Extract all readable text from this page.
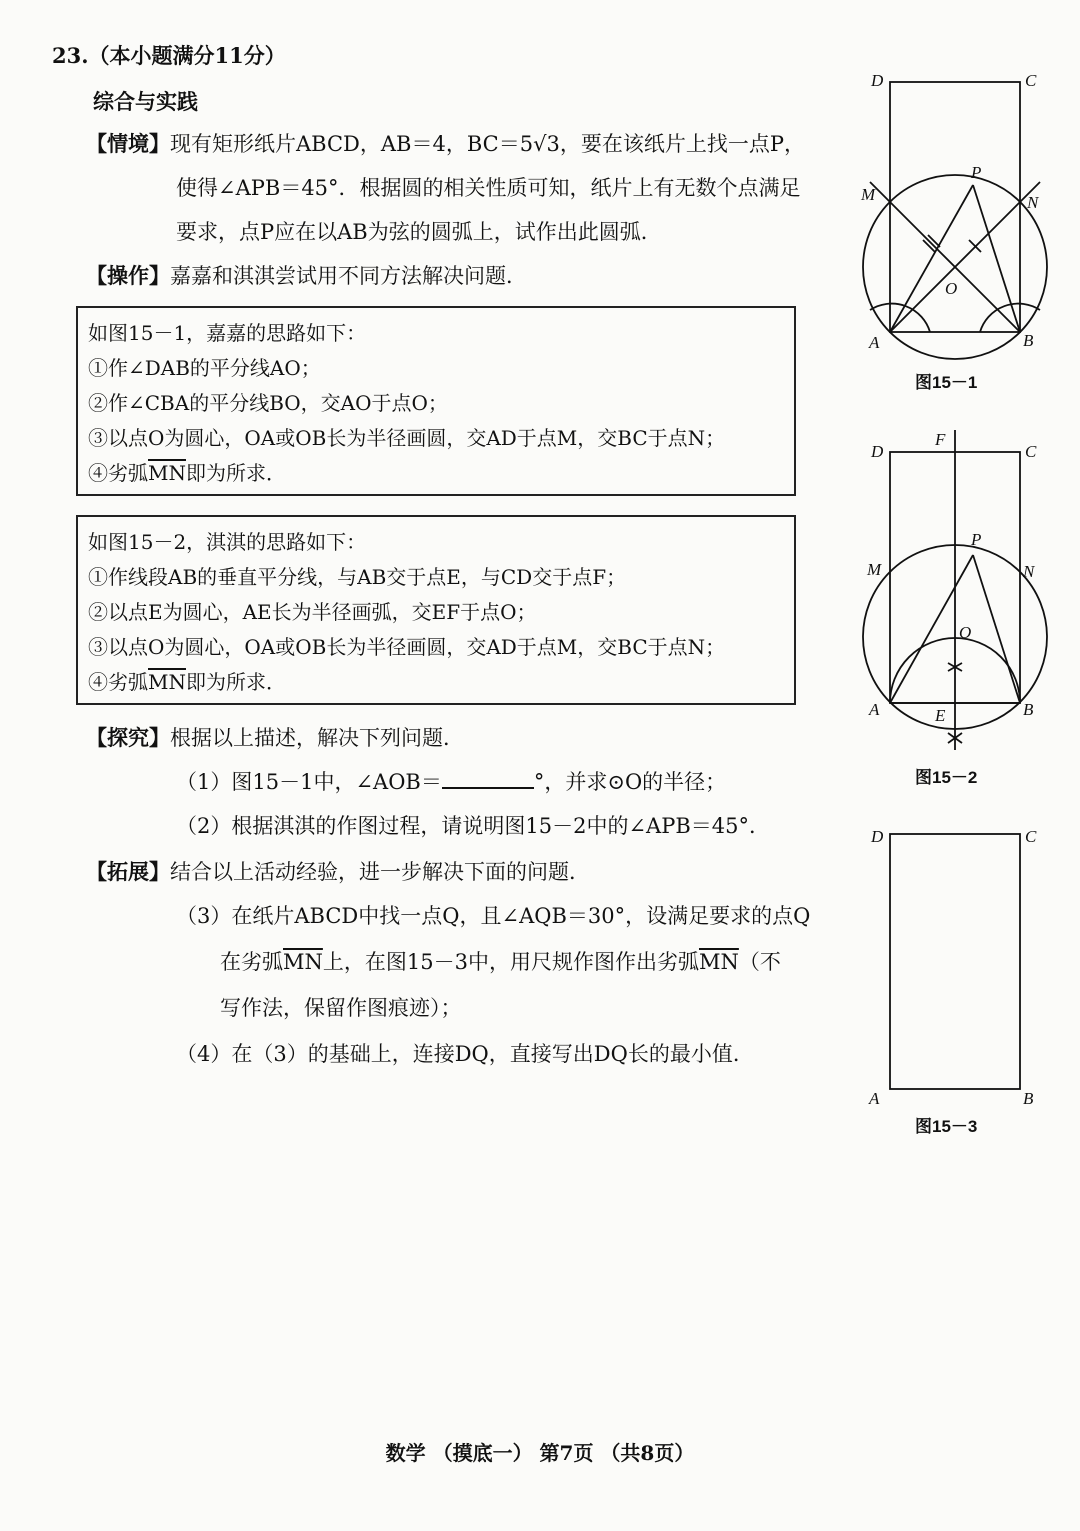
23.（本小题满分11分）
综合与实践
【情境】现有矩形纸片ABCD，AB＝4，BC＝5√3，要在该纸片上找一点P，
使得∠APB＝45°．根据圆的相关性质可知，纸片上有无数个点满足
要求，点P应在以AB为弦的圆弧上，试作出此圆弧．
【操作】嘉嘉和淇淇尝试用不同方法解决问题．
如图15－1，嘉嘉的思路如下：
①作∠DAB的平分线AO；
②作∠CBA的平分线BO，交AO于点O；
③以点O为圆心，OA或OB长为半径画圆，交AD于点M，交BC于点N；
④劣弧$\overline{MN}$即为所求．
如图15－2，淇淇的思路如下：
①作线段AB的垂直平分线，与AB交于点E，与CD交于点F；
②以点E为圆心，AE长为半径画弧，交EF于点O；
③以点O为圆心，OA或OB长为半径画圆，交AD于点M，交BC于点N；
④劣弧$\overline{MN}$即为所求．
【探究】根据以上描述，解决下列问题．
（1）图15－1中，∠AOB＝	°，并求⊙O的半径；
（2）根据淇淇的作图过程，请说明图15－2中的∠APB＝45°．
【拓展】结合以上活动经验，进一步解决下面的问题．
（3）在纸片ABCD中找一点Q，且∠AQB＝30°，设满足要求的点Q
在劣弧$\overline{MN}$上，在图15－3中，用尺规作图作出劣弧$\overline{MN}$（不
写作法，保留作图痕迹）；
（4）在（3）的基础上，连接DQ，直接写出DQ长的最小值．
D	C
M	N
P
O
A	B
图15－1
D
F
C
M	N
P
O
A	E	B
图15－2
D	C
A	B
图15－3
数学 （摸底一） 第7页 （共8页）
